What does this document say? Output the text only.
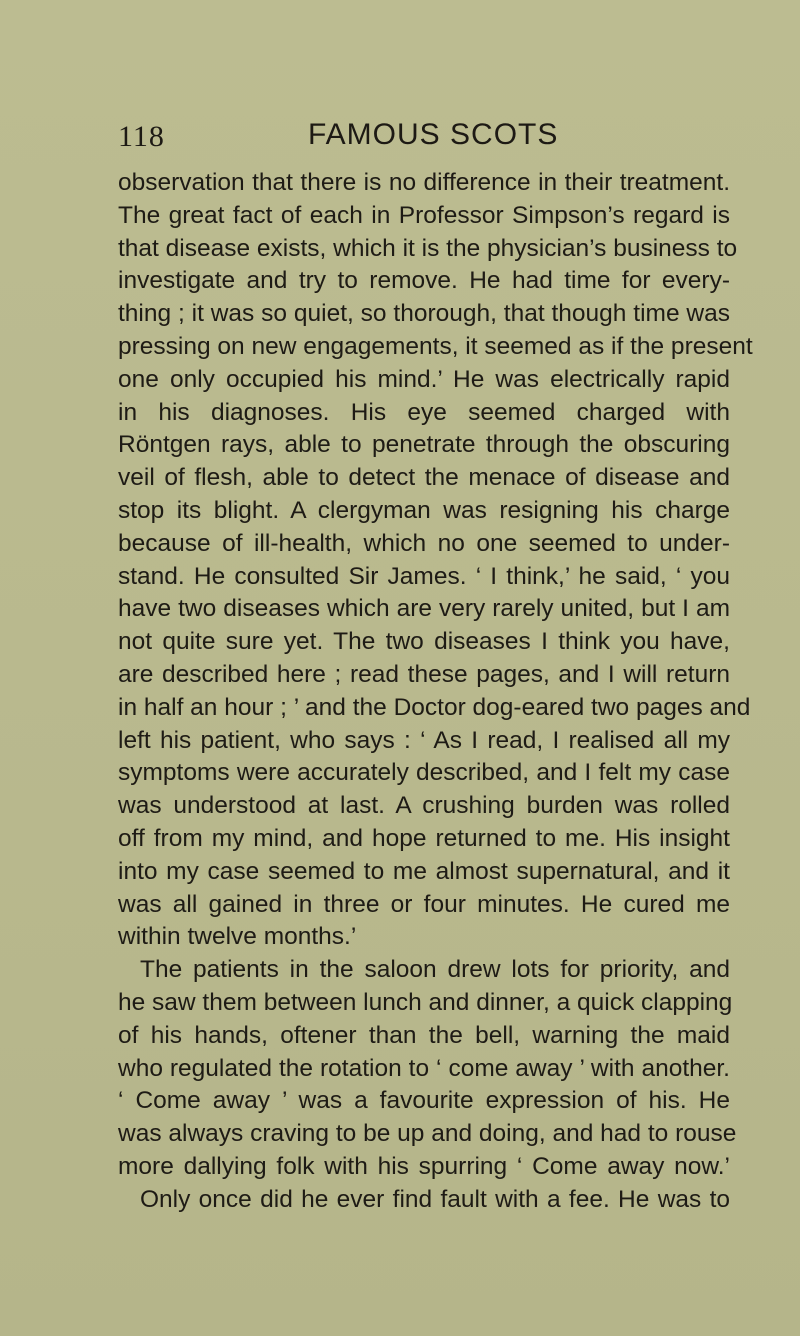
118	FAMOUS SCOTS
observation that there is no difference in their treatment.
The great fact of each in Professor Simpson’s regard is
that disease exists, which it is the physician’s business to
investigate and try to remove. He had time for every-
thing ; it was so quiet, so thorough, that though time was
pressing on new engagements, it seemed as if the present
one only occupied his mind.’ He was electrically rapid
in his diagnoses. His eye seemed charged with
Röntgen rays, able to penetrate through the obscuring
veil of flesh, able to detect the menace of disease and
stop its blight. A clergyman was resigning his charge
because of ill-health, which no one seemed to under-
stand. He consulted Sir James. ‘ I think,’ he said, ‘ you
have two diseases which are very rarely united, but I am
not quite sure yet. The two diseases I think you have,
are described here ; read these pages, and I will return
in half an hour ; ’ and the Doctor dog-eared two pages and
left his patient, who says : ‘ As I read, I realised all my
symptoms were accurately described, and I felt my case
was understood at last. A crushing burden was rolled
off from my mind, and hope returned to me. His insight
into my case seemed to me almost supernatural, and it
was all gained in three or four minutes. He cured me
within twelve months.’
The patients in the saloon drew lots for priority, and
he saw them between lunch and dinner, a quick clapping
of his hands, oftener than the bell, warning the maid
who regulated the rotation to ‘ come away ’ with another.
‘ Come away ’ was a favourite expression of his. He
was always craving to be up and doing, and had to rouse
more dallying folk with his spurring ‘ Come away now.’
Only once did he ever find fault with a fee. He was to
